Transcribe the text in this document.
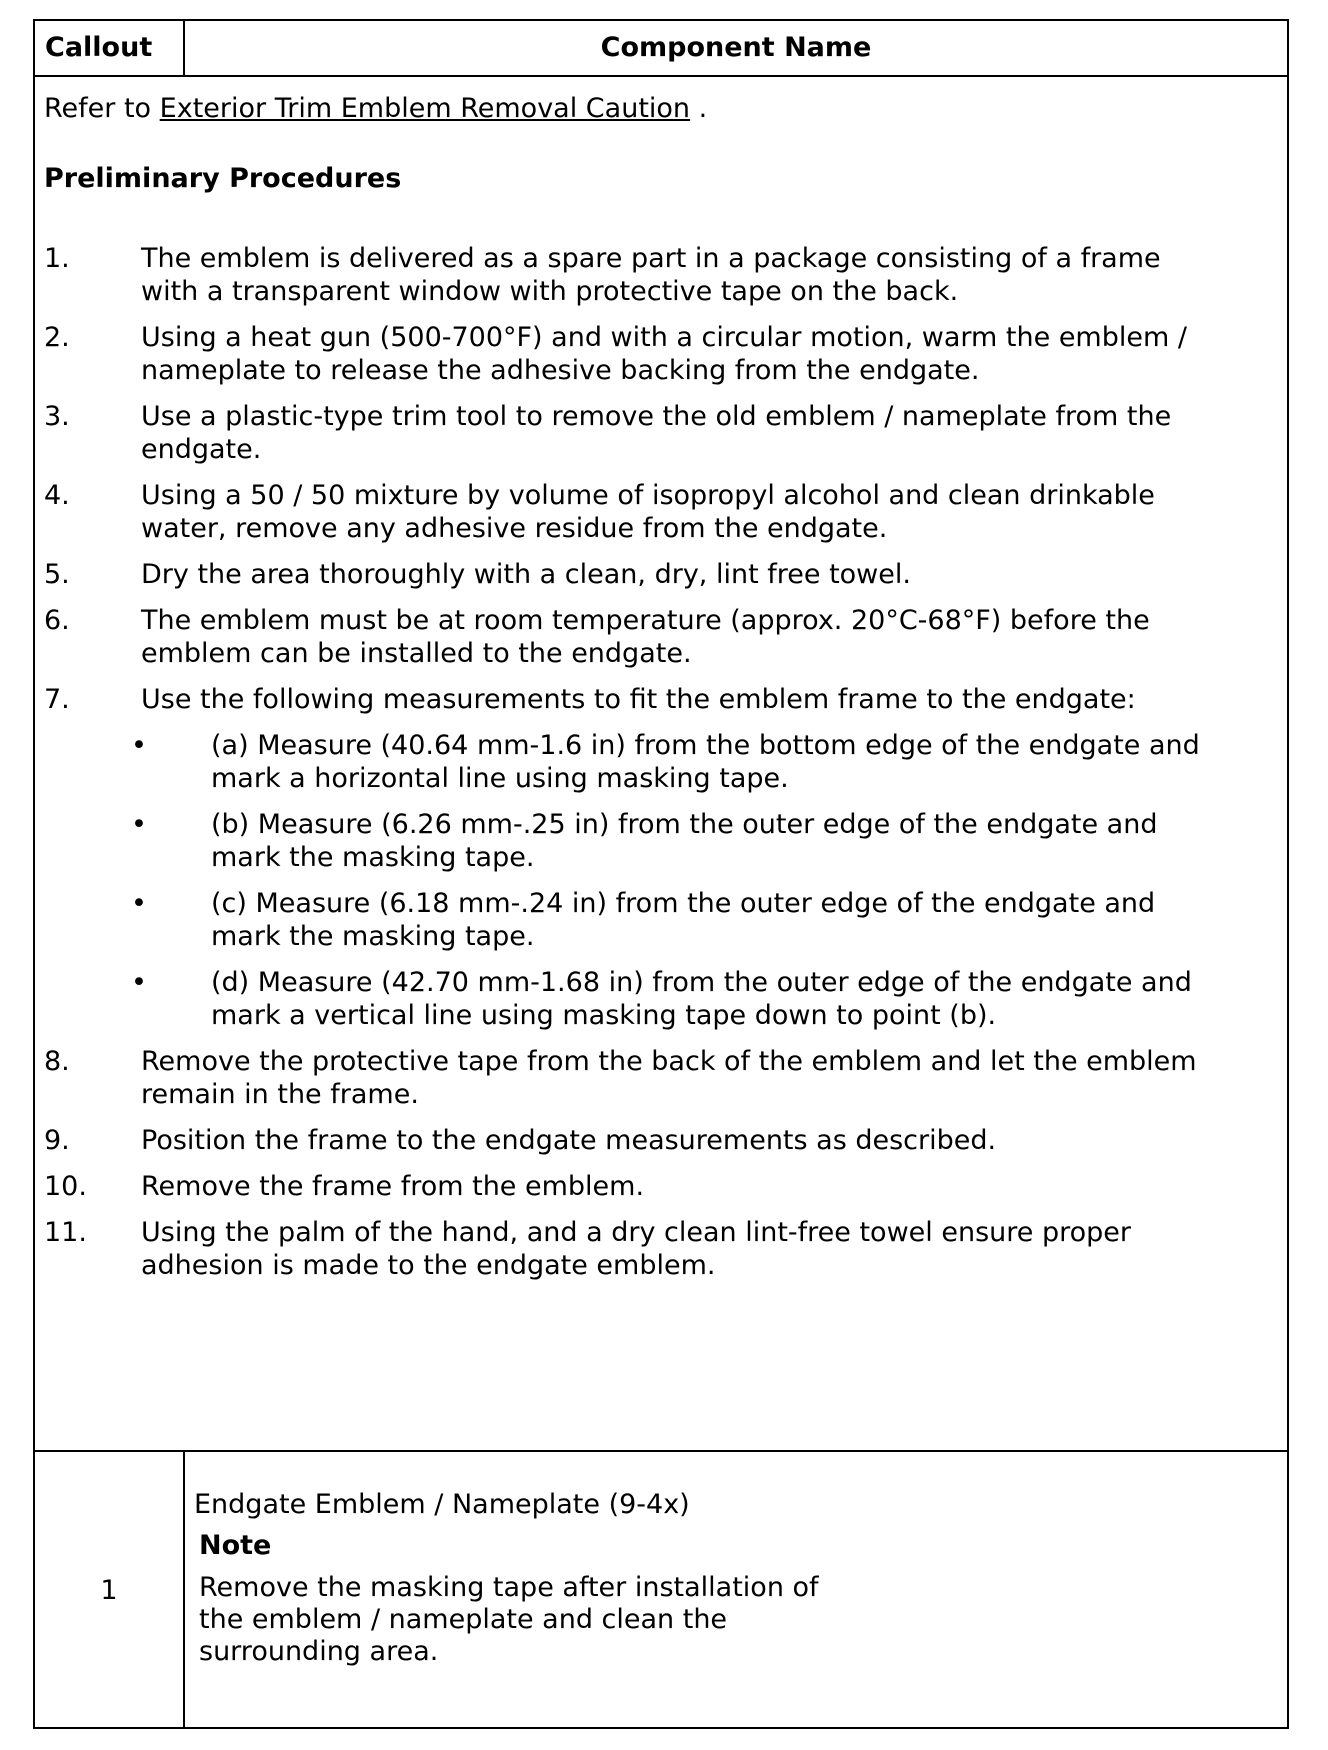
Callout	Component Name
Refer to Exterior Trim Emblem Removal Caution .
Preliminary Procedures
1.	The emblem is delivered as a spare part in a package consisting of a frame with a transparent window with protective tape on the back.
2.	Using a heat gun (500-700°F) and with a circular motion, warm the emblem / nameplate to release the adhesive backing from the endgate.
3.	Use a plastic-type trim tool to remove the old emblem / nameplate from the endgate.
4.	Using a 50 / 50 mixture by volume of isopropyl alcohol and clean drinkable water, remove any adhesive residue from the endgate.
5.	Dry the area thoroughly with a clean, dry, lint free towel.
6.	The emblem must be at room temperature (approx. 20°C-68°F) before the emblem can be installed to the endgate.
7.	Use the following measurements to fit the emblem frame to the endgate:
• (a) Measure (40.64 mm-1.6 in) from the bottom edge of the endgate and mark a horizontal line using masking tape.
• (b) Measure (6.26 mm-.25 in) from the outer edge of the endgate and mark the masking tape.
• (c) Measure (6.18 mm-.24 in) from the outer edge of the endgate and mark the masking tape.
• (d) Measure (42.70 mm-1.68 in) from the outer edge of the endgate and mark a vertical line using masking tape down to point (b).
8.	Remove the protective tape from the back of the emblem and let the emblem remain in the frame.
9.	Position the frame to the endgate measurements as described.
10.	Remove the frame from the emblem.
11.	Using the palm of the hand, and a dry clean lint-free towel ensure proper adhesion is made to the endgate emblem.
1
Endgate Emblem / Nameplate (9-4x)
Note
Remove the masking tape after installation of the emblem / nameplate and clean the surrounding area.
